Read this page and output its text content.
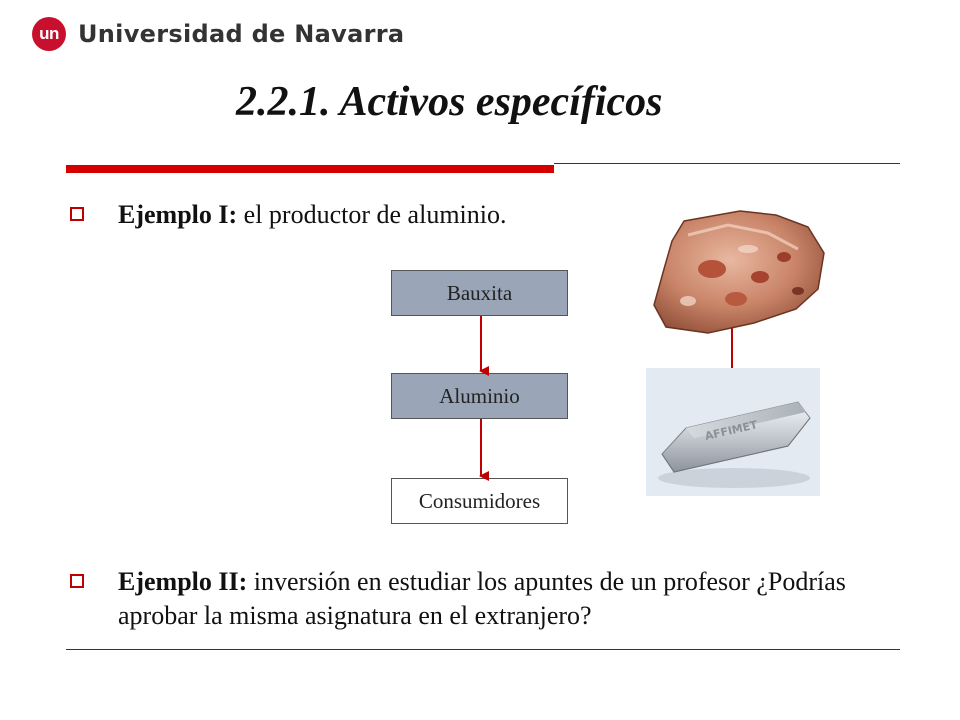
un Universidad de Navarra
2.2.1. Activos específicos
Ejemplo I: el productor de aluminio.
Bauxita
Aluminio
Consumidores
AFFIMET
Ejemplo II: inversión en estudiar los apuntes de un profesor ¿Podrías aprobar la misma asignatura en el extranjero?
